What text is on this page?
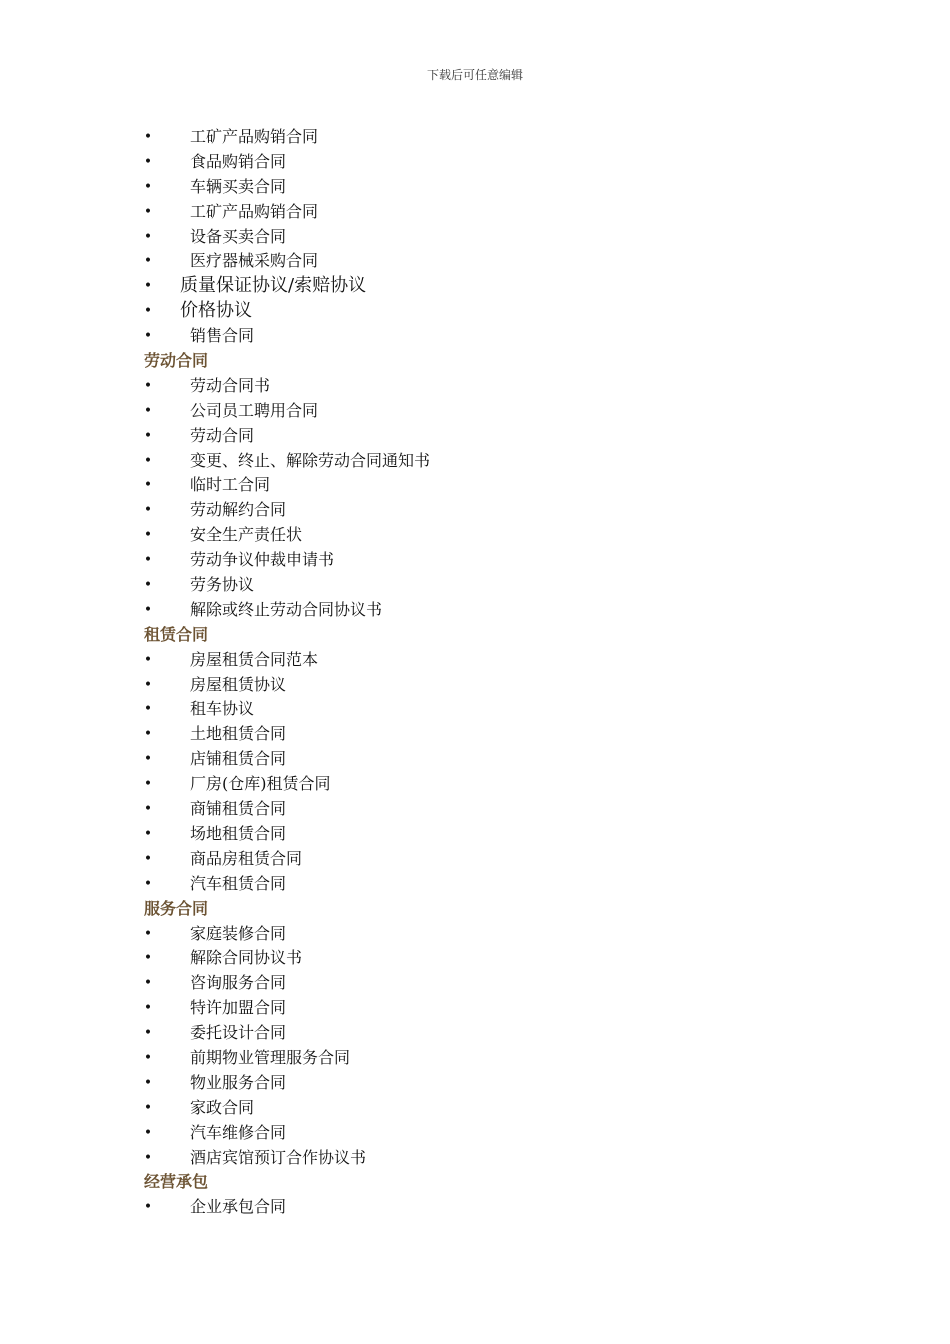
下载后可任意编辑
• 工矿产品购销合同
• 食品购销合同
• 车辆买卖合同
• 工矿产品购销合同
• 设备买卖合同
• 医疗器械采购合同
• 质量保证协议/索赔协议
• 价格协议
• 销售合同
劳动合同
• 劳动合同书
• 公司员工聘用合同
• 劳动合同
• 变更、终止、解除劳动合同通知书
• 临时工合同
• 劳动解约合同
• 安全生产责任状
• 劳动争议仲裁申请书
• 劳务协议
• 解除或终止劳动合同协议书
租赁合同
• 房屋租赁合同范本
• 房屋租赁协议
• 租车协议
• 土地租赁合同
• 店铺租赁合同
• 厂房(仓库)租赁合同
• 商铺租赁合同
• 场地租赁合同
• 商品房租赁合同
• 汽车租赁合同
服务合同
• 家庭装修合同
• 解除合同协议书
• 咨询服务合同
• 特许加盟合同
• 委托设计合同
• 前期物业管理服务合同
• 物业服务合同
• 家政合同
• 汽车维修合同
• 酒店宾馆预订合作协议书
经营承包
• 企业承包合同
